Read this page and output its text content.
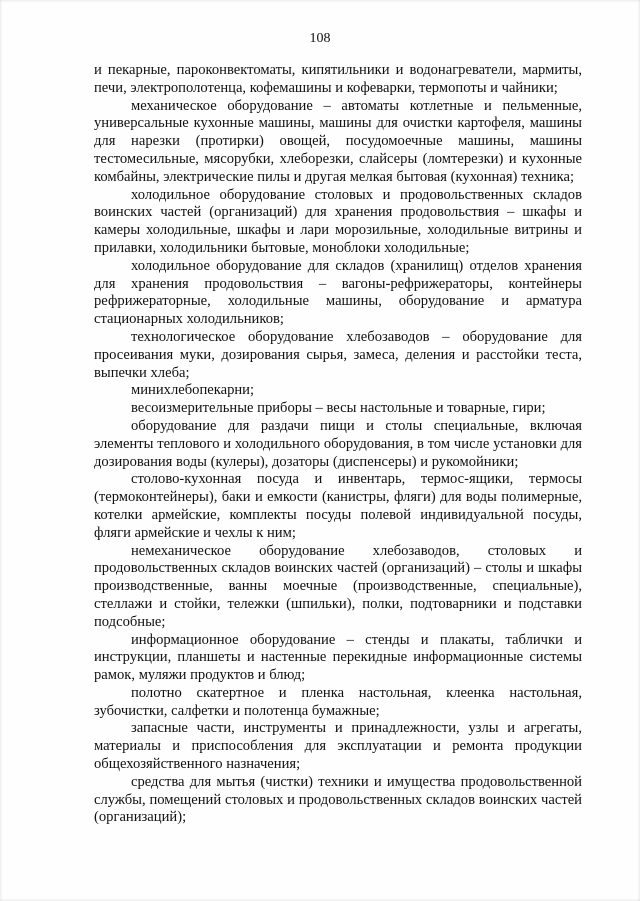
108

и пекарные, пароконвектоматы, кипятильники и водонагреватели, мармиты, печи, электрополотенца, кофемашины и кофеварки, термопоты и чайники;

механическое оборудование – автоматы котлетные и пельменные, универсальные кухонные машины, машины для очистки картофеля, машины для нарезки (протирки) овощей, посудомоечные машины, машины тестомесильные, мясорубки, хлеборезки, слайсеры (ломтерезки) и кухонные комбайны, электрические пилы и другая мелкая бытовая (кухонная) техника;

холодильное оборудование столовых и продовольственных складов воинских частей (организаций) для хранения продовольствия – шкафы и камеры холодильные, шкафы и лари морозильные, холодильные витрины и прилавки, холодильники бытовые, моноблоки холодильные;

холодильное оборудование для складов (хранилищ) отделов хранения для хранения продовольствия – вагоны-рефрижераторы, контейнеры рефрижераторные, холодильные машины, оборудование и арматура стационарных холодильников;

технологическое оборудование хлебозаводов – оборудование для просеивания муки, дозирования сырья, замеса, деления и расстойки теста, выпечки хлеба;

минихлебопекарни;

весоизмерительные приборы – весы настольные и товарные, гири;

оборудование для раздачи пищи и столы специальные, включая элементы теплового и холодильного оборудования, в том числе установки для дозирования воды (кулеры), дозаторы (диспенсеры) и рукомойники;

столово-кухонная посуда и инвентарь, термос-ящики, термосы (термоконтейнеры), баки и емкости (канистры, фляги) для воды полимерные, котелки армейские, комплекты посуды полевой индивидуальной посуды, фляги армейские и чехлы к ним;

немеханическое оборудование хлебозаводов, столовых и продовольственных складов воинских частей (организаций) – столы и шкафы производственные, ванны моечные (производственные, специальные), стеллажи и стойки, тележки (шпильки), полки, подтоварники и подставки подсобные;

информационное оборудование – стенды и плакаты, таблички и инструкции, планшеты и настенные перекидные информационные системы рамок, муляжи продуктов и блюд;

полотно скатертное и пленка настольная, клеенка настольная, зубочистки, салфетки и полотенца бумажные;

запасные части, инструменты и принадлежности, узлы и агрегаты, материалы и приспособления для эксплуатации и ремонта продукции общехозяйственного назначения;

средства для мытья (чистки) техники и имущества продовольственной службы, помещений столовых и продовольственных складов воинских частей (организаций);
